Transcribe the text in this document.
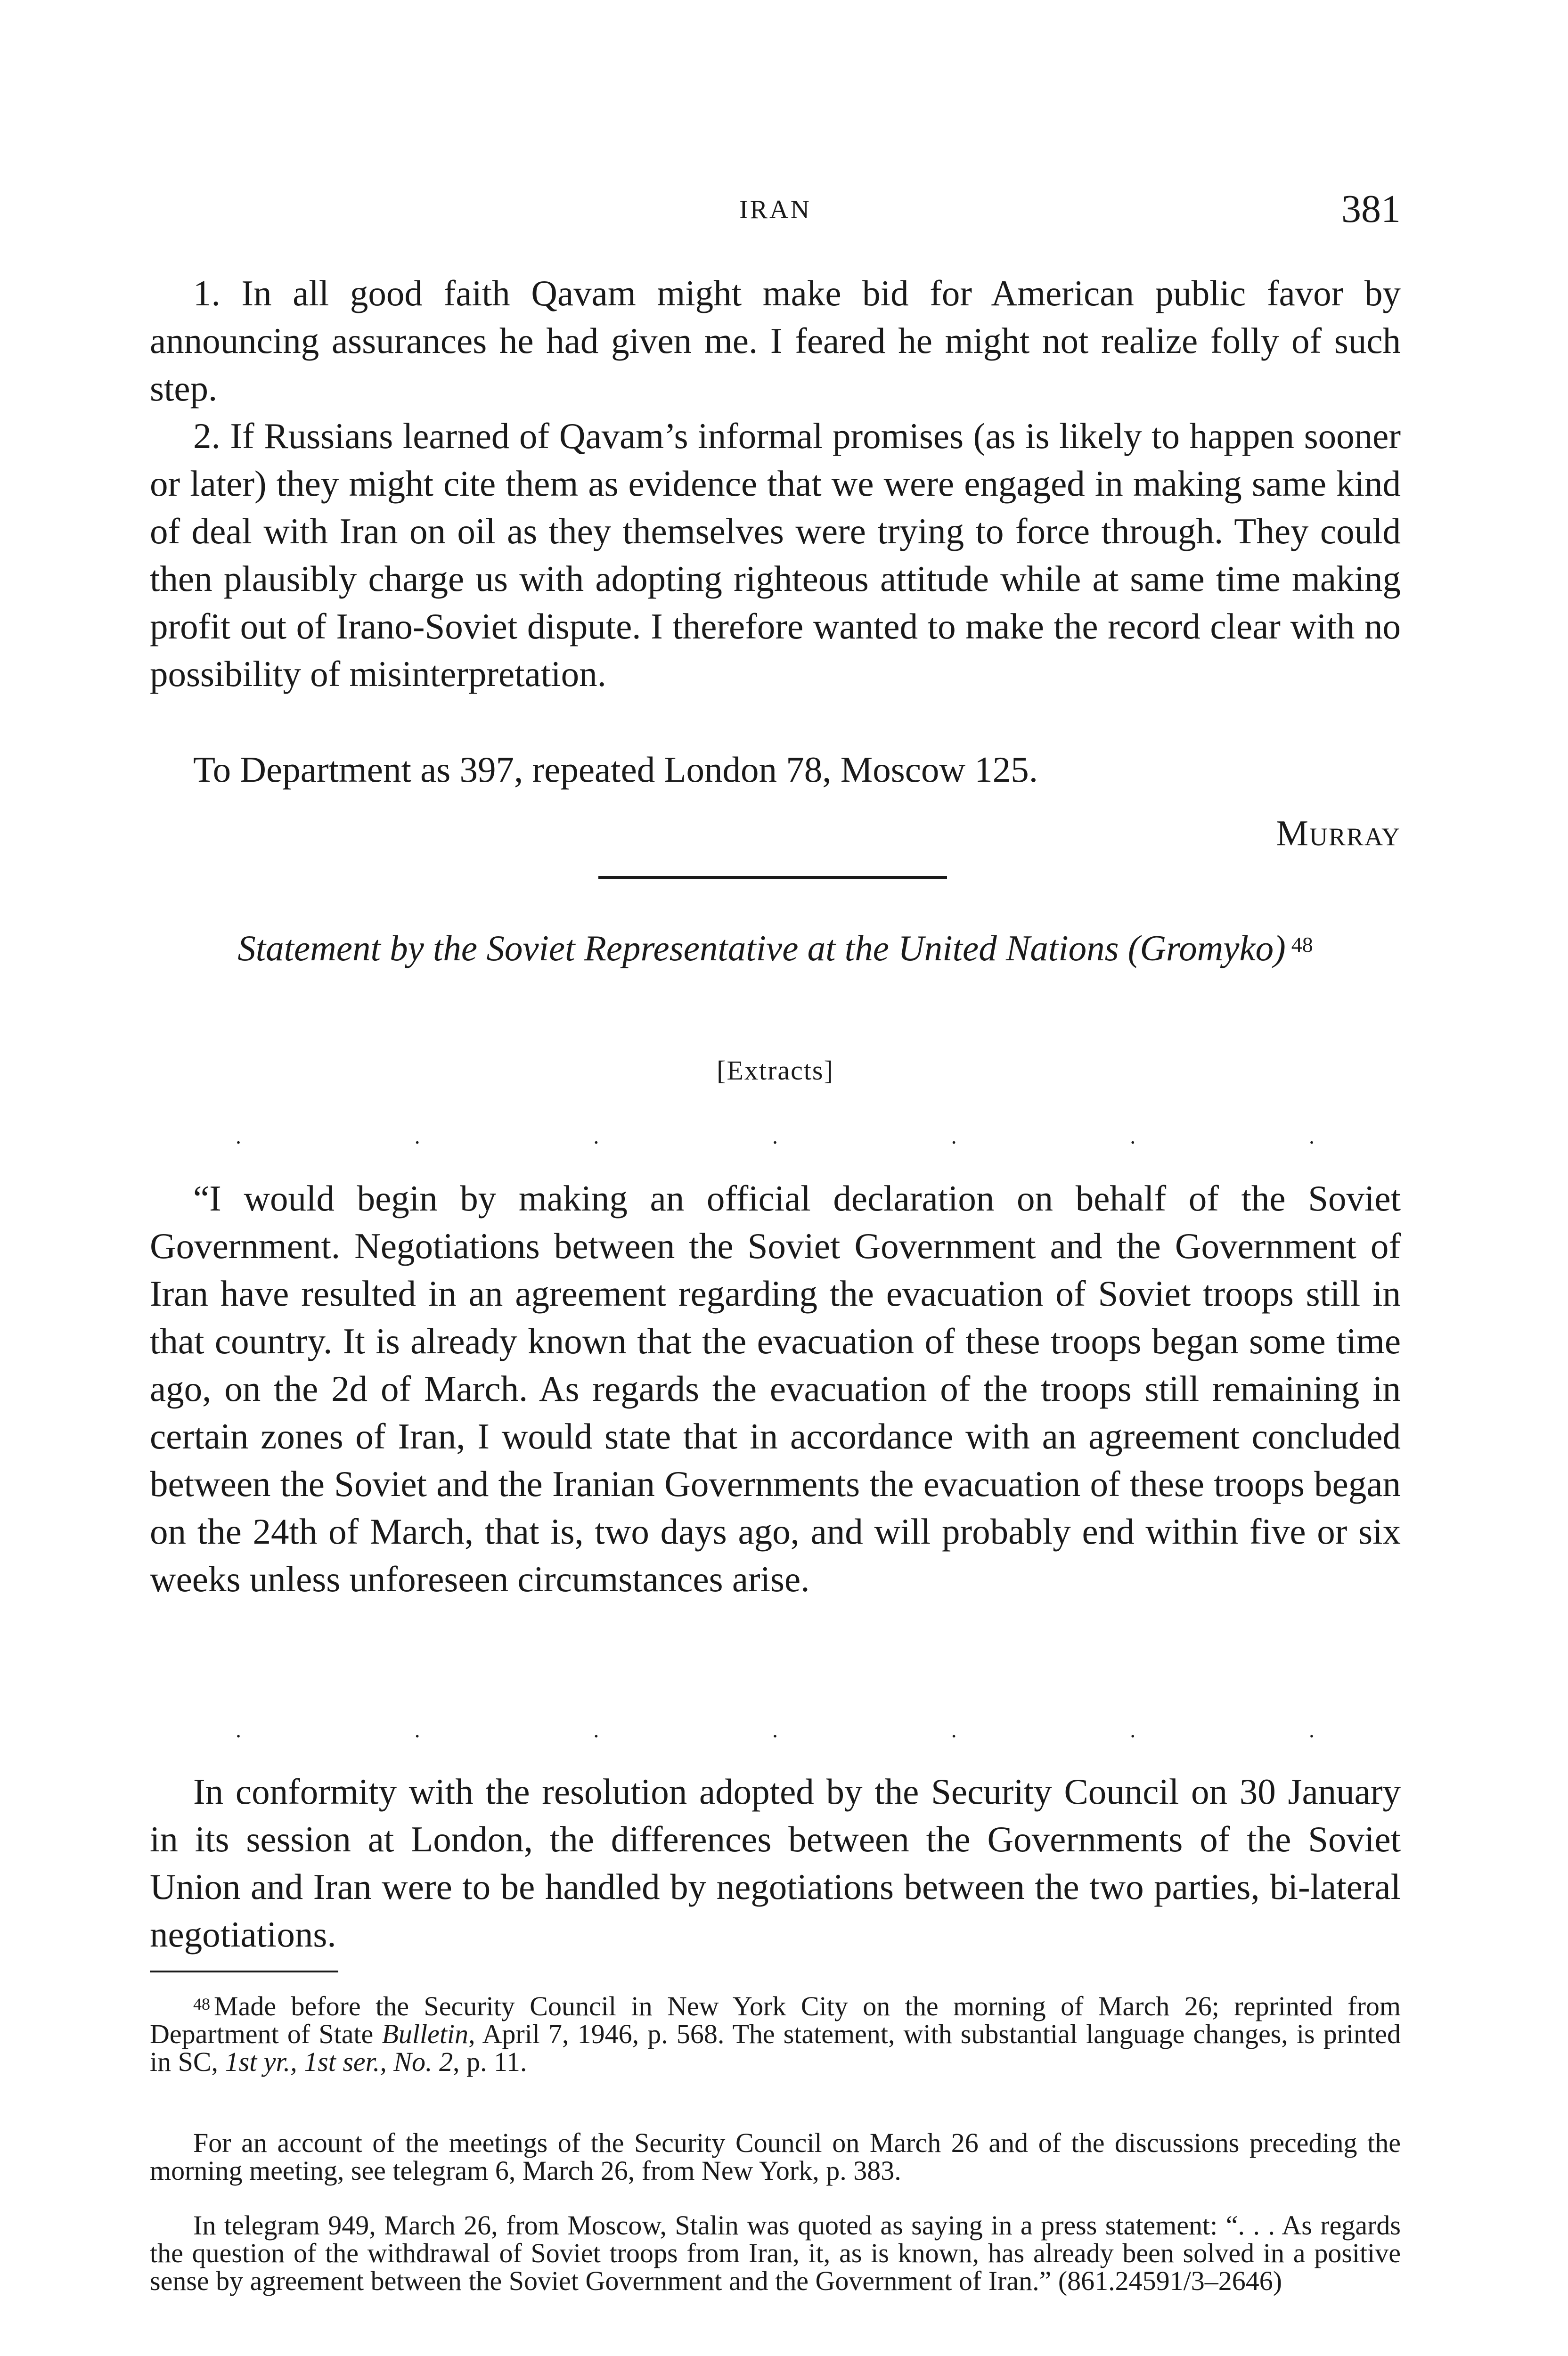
IRAN	381

1. In all good faith Qavam might make bid for American public favor by announcing assurances he had given me. I feared he might not realize folly of such step.

2. If Russians learned of Qavam’s informal promises (as is likely to happen sooner or later) they might cite them as evidence that we were engaged in making same kind of deal with Iran on oil as they themselves were trying to force through. They could then plausibly charge us with adopting righteous attitude while at same time making profit out of Irano-Soviet dispute. I therefore wanted to make the record clear with no possibility of misinterpretation.

To Department as 397, repeated London 78, Moscow 125.

Murray
Statement by the Soviet Representative at the United Nations (Gromyko) $^{48}$
[Extracts]
.	.	.	.	.	.	.

“I would begin by making an official declaration on behalf of the Soviet Government. Negotiations between the Soviet Government and the Government of Iran have resulted in an agreement regarding the evacuation of Soviet troops still in that country. It is already known that the evacuation of these troops began some time ago, on the 2d of March. As regards the evacuation of the troops still remaining in certain zones of Iran, I would state that in accordance with an agreement concluded between the Soviet and the Iranian Governments the evacuation of these troops began on the 24th of March, that is, two days ago, and will probably end within five or six weeks unless unforeseen circumstances arise.

.	.	.	.	.	.	.

In conformity with the resolution adopted by the Security Council on 30 January in its session at London, the differences between the Governments of the Soviet Union and Iran were to be handled by negotiations between the two parties, bi-lateral negotiations.

$^{48}$ Made before the Security Council in New York City on the morning of March 26; reprinted from Department of State Bulletin, April 7, 1946, p. 568. The statement, with substantial language changes, is printed in SC, 1st yr., 1st ser., No. 2, p. 11.

For an account of the meetings of the Security Council on March 26 and of the discussions preceding the morning meeting, see telegram 6, March 26, from New York, p. 383.

In telegram 949, March 26, from Moscow, Stalin was quoted as saying in a press statement: “. . . As regards the question of the withdrawal of Soviet troops from Iran, it, as is known, has already been solved in a positive sense by agreement between the Soviet Government and the Government of Iran.” (861.24591/3–2646)
